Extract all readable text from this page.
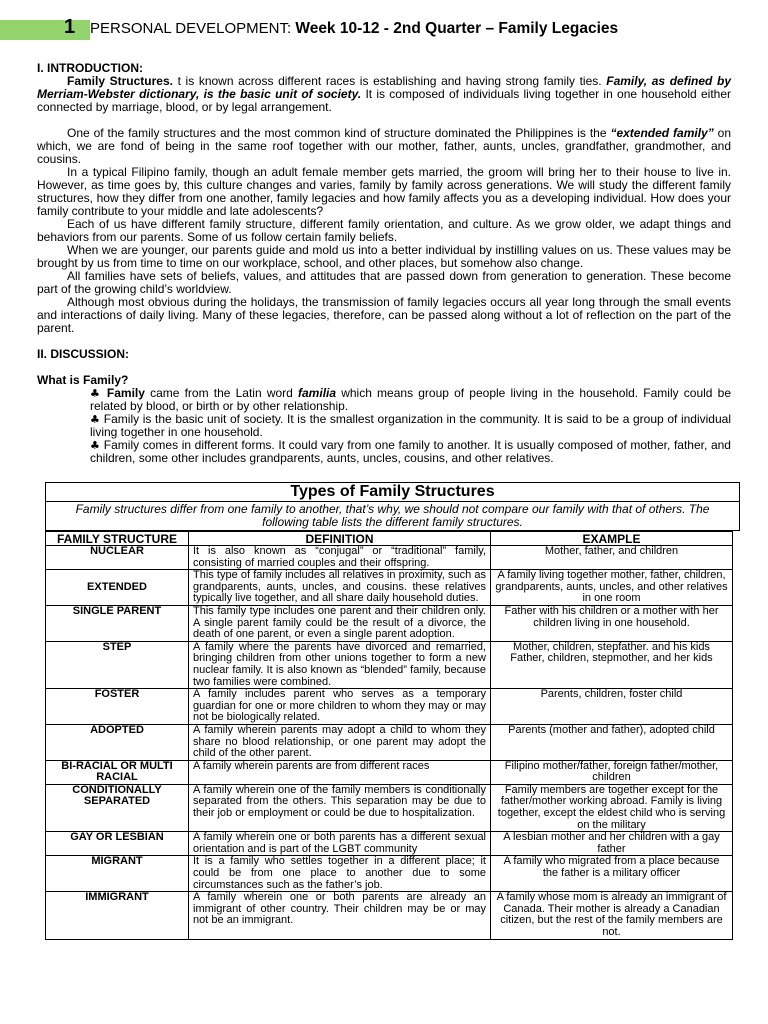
1 PERSONAL DEVELOPMENT: Week 10-12 - 2nd Quarter – Family Legacies

I. INTRODUCTION:

Family Structures. t is known across different races is establishing and having strong family ties. Family, as defined by Merriam-Webster dictionary, is the basic unit of society. It is composed of individuals living together in one household either connected by marriage, blood, or by legal arrangement.

One of the family structures and the most common kind of structure dominated the Philippines is the “extended family” on which, we are fond of being in the same roof together with our mother, father, aunts, uncles, grandfather, grandmother, and cousins.

In a typical Filipino family, though an adult female member gets married, the groom will bring her to their house to live in. However, as time goes by, this culture changes and varies, family by family across generations. We will study the different family structures, how they differ from one another, family legacies and how family affects you as a developing individual. How does your family contribute to your middle and late adolescents?

Each of us have different family structure, different family orientation, and culture. As we grow older, we adapt things and behaviors from our parents. Some of us follow certain family beliefs.

When we are younger, our parents guide and mold us into a better individual by instilling values on us. These values may be brought by us from time to time on our workplace, school, and other places, but somehow also change.

All families have sets of beliefs, values, and attitudes that are passed down from generation to generation. These become part of the growing child’s worldview.

Although most obvious during the holidays, the transmission of family legacies occurs all year long through the small events and interactions of daily living. Many of these legacies, therefore, can be passed along without a lot of reflection on the part of the parent.

II. DISCUSSION:

What is Family?

♣ Family came from the Latin word familia which means group of people living in the household. Family could be related by blood, or birth or by other relationship.

♣ Family is the basic unit of society. It is the smallest organization in the community. It is said to be a group of individual living together in one household.

♣ Family comes in different forms. It could vary from one family to another. It is usually composed of mother, father, and children, some other includes grandparents, aunts, uncles, cousins, and other relatives.

Types of Family Structures
Family structures differ from one family to another, that’s why, we should not compare our family with that of others. The following table lists the different family structures.
FAMILY STRUCTURE	DEFINITION	EXAMPLE
NUCLEAR	It is also known as “conjugal” or “traditional” family, consisting of married couples and their offspring.	Mother, father, and children
EXTENDED	This type of family includes all relatives in proximity, such as grandparents, aunts, uncles, and cousins. these relatives typically live together, and all share daily household duties.	A family living together mother, father, children, grandparents, aunts, uncles, and other relatives in one room
SINGLE PARENT	This family type includes one parent and their children only. A single parent family could be the result of a divorce, the death of one parent, or even a single parent adoption.	Father with his children or a mother with her children living in one household.
STEP	A family where the parents have divorced and remarried, bringing children from other unions together to form a new nuclear family. It is also known as “blended” family, because two families were combined.	Mother, children, stepfather. and his kids Father, children, stepmother, and her kids
FOSTER	A family includes parent who serves as a temporary guardian for one or more children to whom they may or may not be biologically related.	Parents, children, foster child
ADOPTED	A family wherein parents may adopt a child to whom they share no blood relationship, or one parent may adopt the child of the other parent.	Parents (mother and father), adopted child
BI-RACIAL OR MULTI RACIAL	A family wherein parents are from different races	Filipino mother/father, foreign father/mother, children
CONDITIONALLY SEPARATED	A family wherein one of the family members is conditionally separated from the others. This separation may be due to their job or employment or could be due to hospitalization.	Family members are together except for the father/mother working abroad. Family is living together, except the eldest child who is serving on the military
GAY OR LESBIAN	A family wherein one or both parents has a different sexual orientation and is part of the LGBT community	A lesbian mother and her children with a gay father
MIGRANT	It is a family who settles together in a different place; it could be from one place to another due to some circumstances such as the father’s job.	A family who migrated from a place because the father is a military officer
IMMIGRANT	A family wherein one or both parents are already an immigrant of other country. Their children may be or may not be an immigrant.	A family whose mom is already an immigrant of Canada. Their mother is already a Canadian citizen, but the rest of the family members are not.
